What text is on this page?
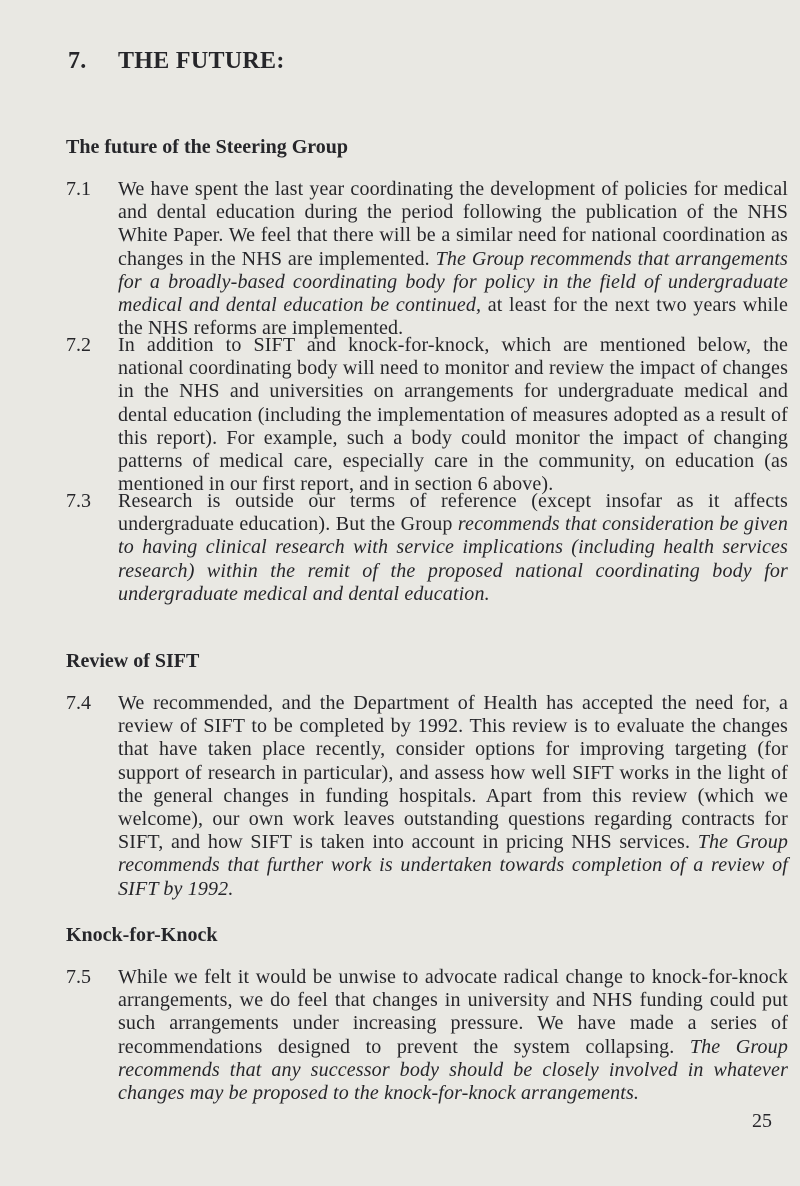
7. THE FUTURE:
The future of the Steering Group
7.1	We have spent the last year coordinating the development of policies for medical and dental education during the period following the publication of the NHS White Paper. We feel that there will be a similar need for national coordination as changes in the NHS are implemented. The Group recommends that arrangements for a broadly-based coordinating body for policy in the field of undergraduate medical and dental education be continued, at least for the next two years while the NHS reforms are implemented.
7.2	In addition to SIFT and knock-for-knock, which are mentioned below, the national coordinating body will need to monitor and review the impact of changes in the NHS and universities on arrangements for undergraduate medical and dental education (including the implementation of measures adopted as a result of this report). For example, such a body could monitor the impact of changing patterns of medical care, especially care in the community, on education (as mentioned in our first report, and in section 6 above).
7.3	Research is outside our terms of reference (except insofar as it affects undergraduate education). But the Group recommends that consideration be given to having clinical research with service implications (including health services research) within the remit of the proposed national coordinating body for undergraduate medical and dental education.
Review of SIFT
7.4	We recommended, and the Department of Health has accepted the need for, a review of SIFT to be completed by 1992. This review is to evaluate the changes that have taken place recently, consider options for improving targeting (for support of research in particular), and assess how well SIFT works in the light of the general changes in funding hospitals. Apart from this review (which we welcome), our own work leaves outstanding questions regarding contracts for SIFT, and how SIFT is taken into account in pricing NHS services. The Group recommends that further work is undertaken towards completion of a review of SIFT by 1992.
Knock-for-Knock
7.5	While we felt it would be unwise to advocate radical change to knock-for-knock arrangements, we do feel that changes in university and NHS funding could put such arrangements under increasing pressure. We have made a series of recommendations designed to prevent the system collapsing. The Group recommends that any successor body should be closely involved in whatever changes may be proposed to the knock-for-knock arrangements.
25
